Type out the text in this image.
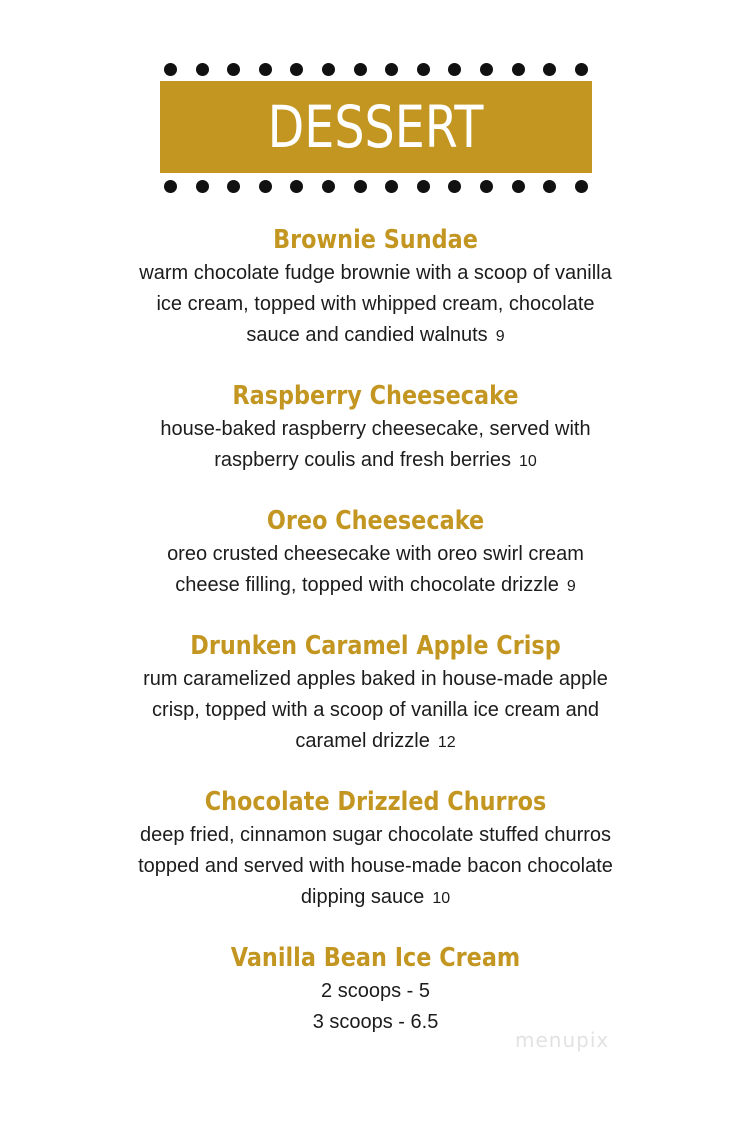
DESSERT
Brownie Sundae
warm chocolate fudge brownie with a scoop of vanilla
ice cream, topped with whipped cream, chocolate
sauce and candied walnuts 9
Raspberry Cheesecake
house-baked raspberry cheesecake, served with
raspberry coulis and fresh berries 10
Oreo Cheesecake
oreo crusted cheesecake with oreo swirl cream
cheese filling, topped with chocolate drizzle 9
Drunken Caramel Apple Crisp
rum caramelized apples baked in house-made apple
crisp, topped with a scoop of vanilla ice cream and
caramel drizzle 12
Chocolate Drizzled Churros
deep fried, cinnamon sugar chocolate stuffed churros
topped and served with house-made bacon chocolate
dipping sauce 10
Vanilla Bean Ice Cream
2 scoops - 5
3 scoops - 6.5
menupix
